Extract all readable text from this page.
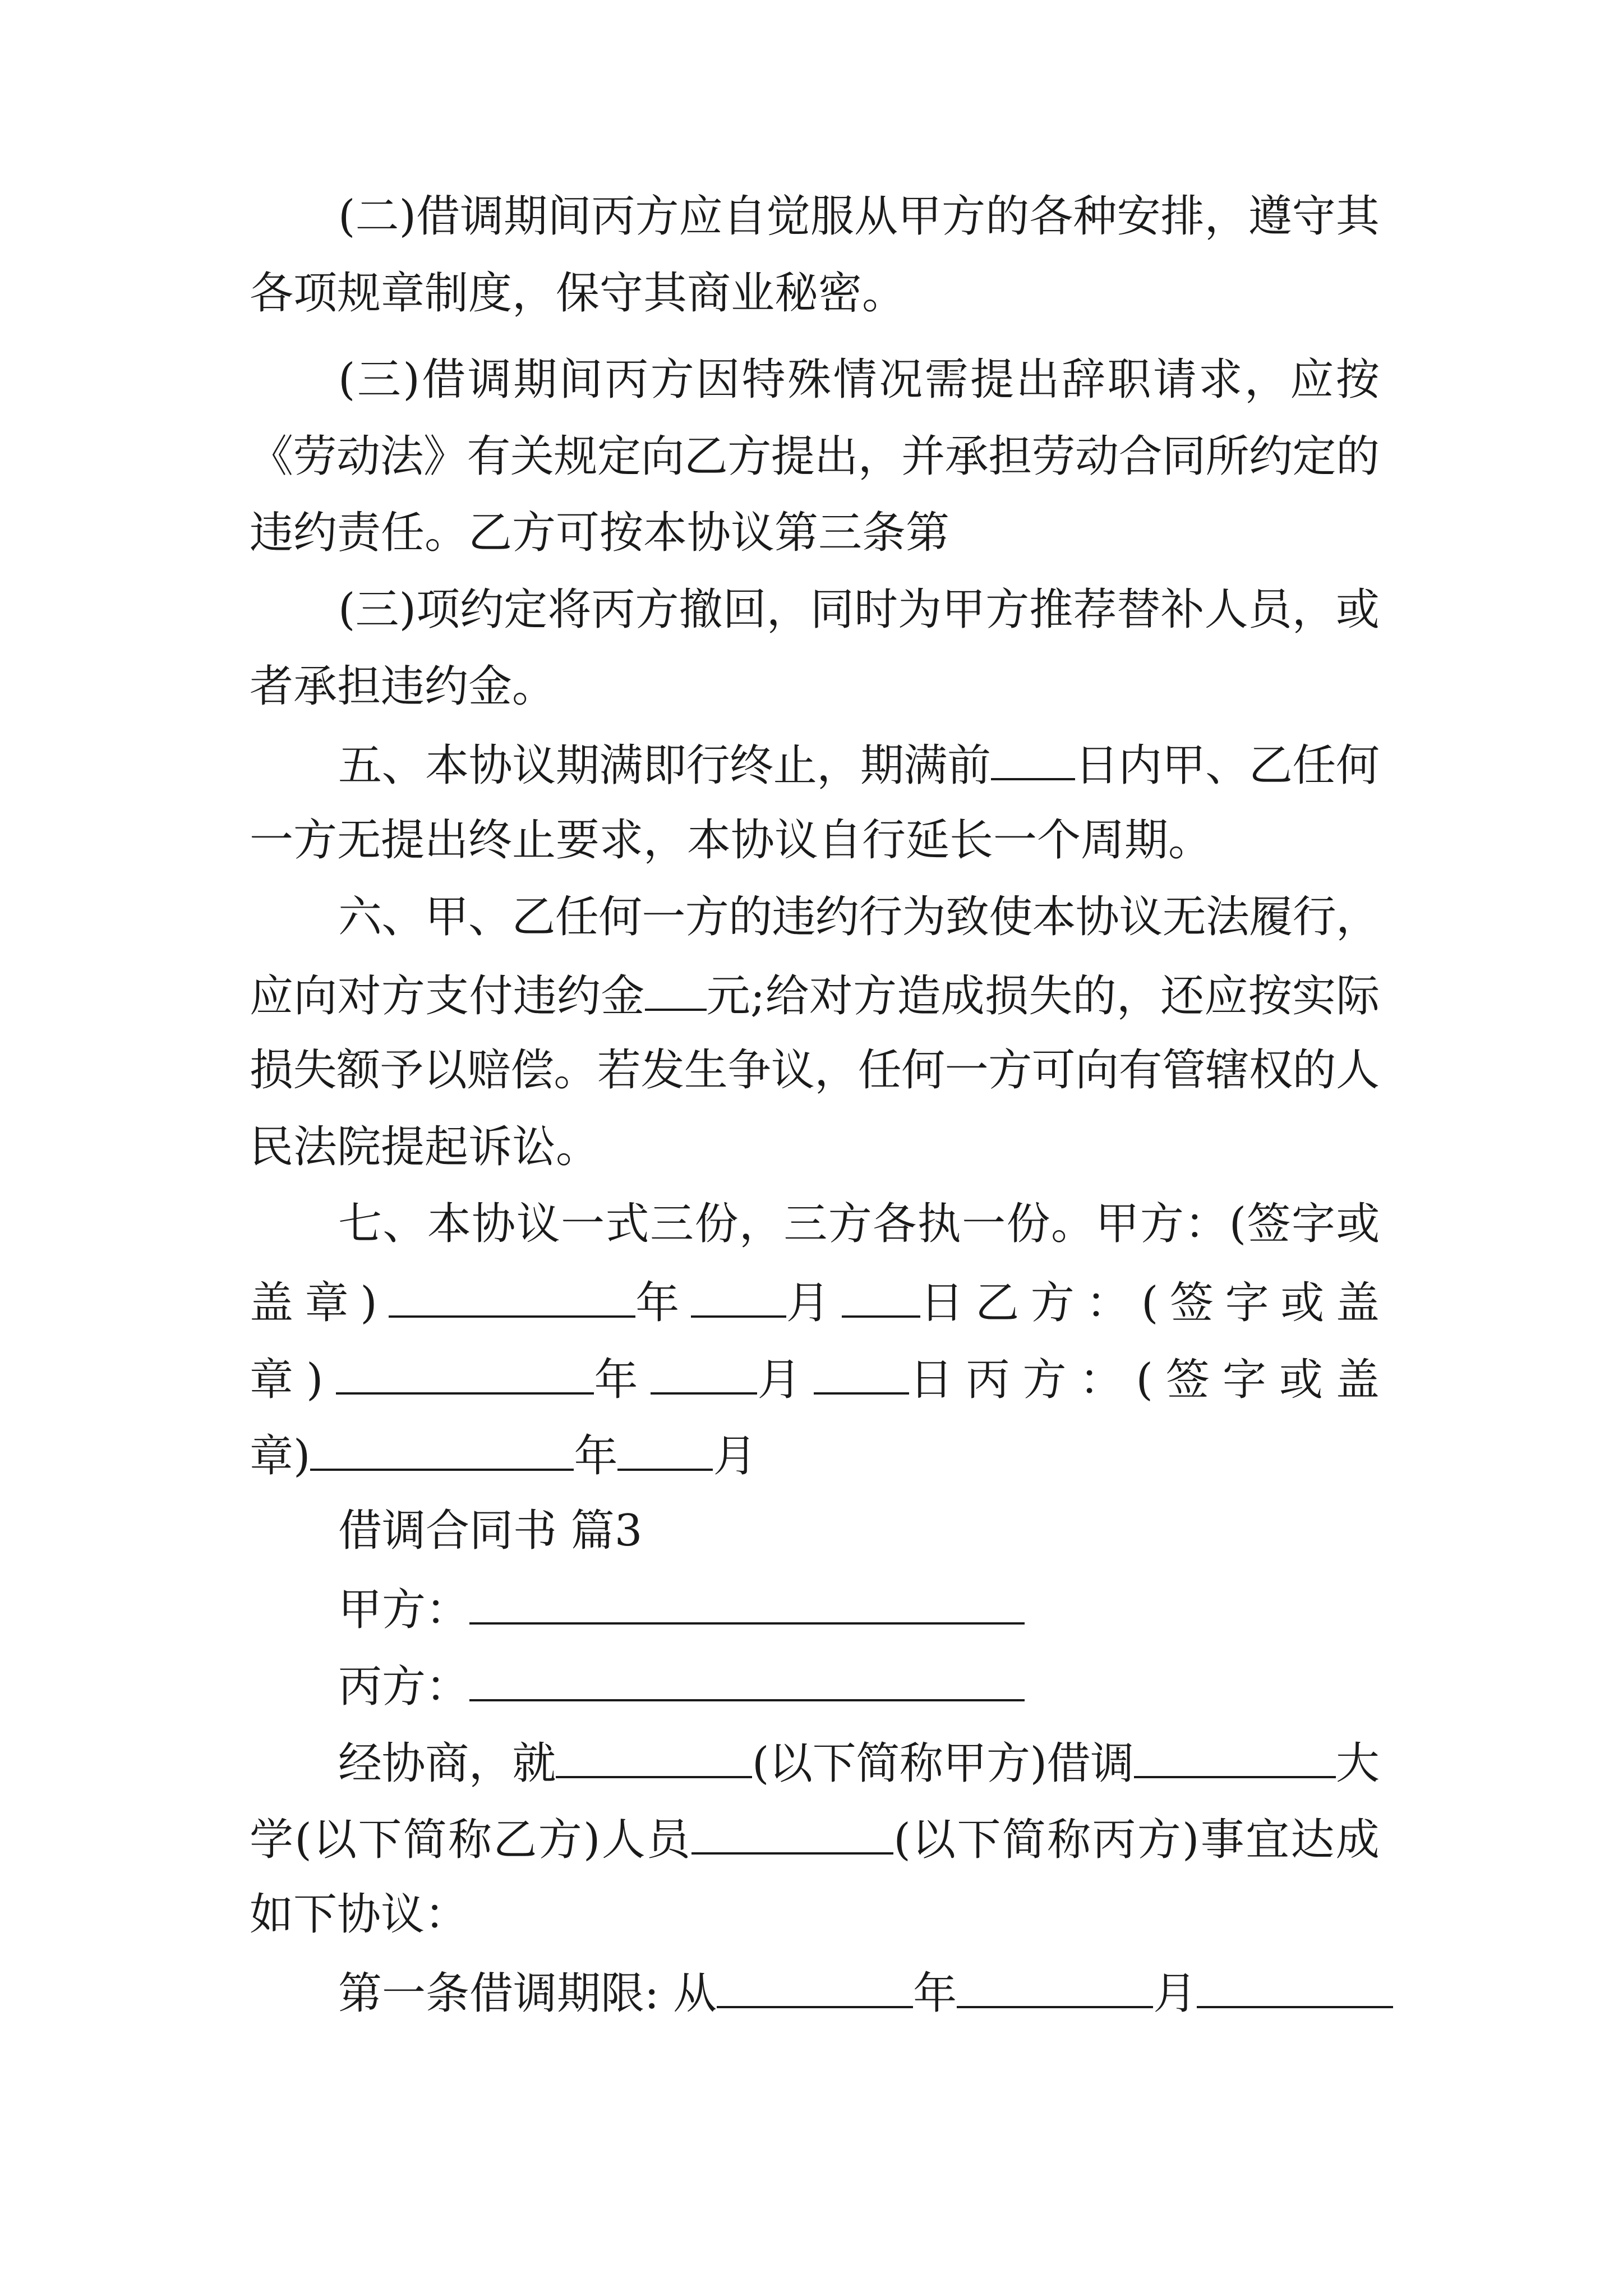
(二)借调期间丙方应自觉服从甲方的各种安排，遵守其

各项规章制度，保守其商业秘密。

(三)借调期间丙方因特殊情况需提出辞职请求，应按

《劳动法》有关规定向乙方提出，并承担劳动合同所约定的

违约责任。乙方可按本协议第三条第

(三)项约定将丙方撤回，同时为甲方推荐替补人员，或

者承担违约金。

五、本协议期满即行终止，期满前 日内甲、乙任何

一方无提出终止要求，本协议自行延长一个周期。

六、甲、乙任何一方的违约行为致使本协议无法履行，

应向对方支付违约金 元;给对方造成损失的，还应按实际

损失额予以赔偿。若发生争议，任何一方可向有管辖权的人

民法院提起诉讼。

七、本协议一式三份，三方各执一份。甲方：(签字或

盖章)	年 月 日乙方：(签字或盖

章)	年 月 日丙方：(签字或盖

章)	年 月

借调合同书 篇3

甲方：

丙方：

经协商，就	(以下简称甲方)借调	大

学(以下简称乙方)人员	(以下简称丙方)事宜达成

如下协议：

第一条借调期限: 从	年	月
